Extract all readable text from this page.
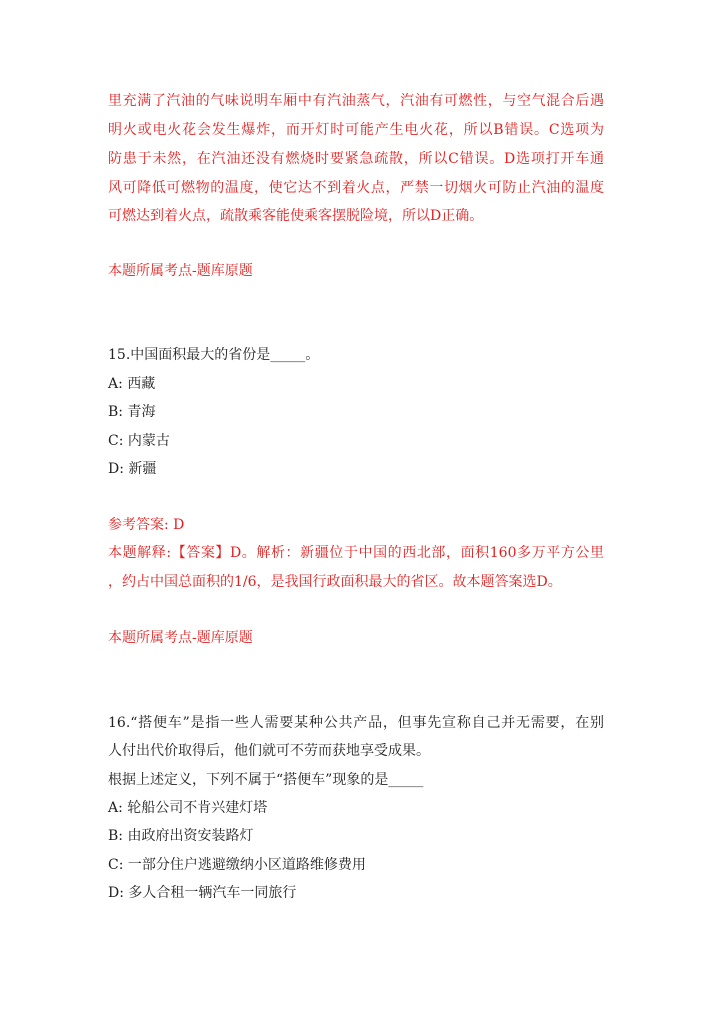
里充满了汽油的气味说明车厢中有汽油蒸气，汽油有可燃性，与空气混合后遇
明火或电火花会发生爆炸，而开灯时可能产生电火花，所以B错误。C选项为
防患于未然，在汽油还没有燃烧时要紧急疏散，所以C错误。D选项打开车通
风可降低可燃物的温度，使它达不到着火点，严禁一切烟火可防止汽油的温度
可燃达到着火点，疏散乘客能使乘客摆脱险境，所以D正确。
本题所属考点-题库原题
15.中国面积最大的省份是_____。
A: 西藏
B: 青海
C: 内蒙古
D: 新疆
参考答案: D
本题解释:【答案】D。解析：新疆位于中国的西北部，面积160多万平方公里
，约占中国总面积的1/6，是我国行政面积最大的省区。故本题答案选D。
本题所属考点-题库原题
16.“搭便车”是指一些人需要某种公共产品，但事先宣称自己并无需要，在别
人付出代价取得后，他们就可不劳而获地享受成果。
根据上述定义，下列不属于“搭便车”现象的是_____
A: 轮船公司不肯兴建灯塔
B: 由政府出资安装路灯
C: 一部分住户逃避缴纳小区道路维修费用
D: 多人合租一辆汽车一同旅行
